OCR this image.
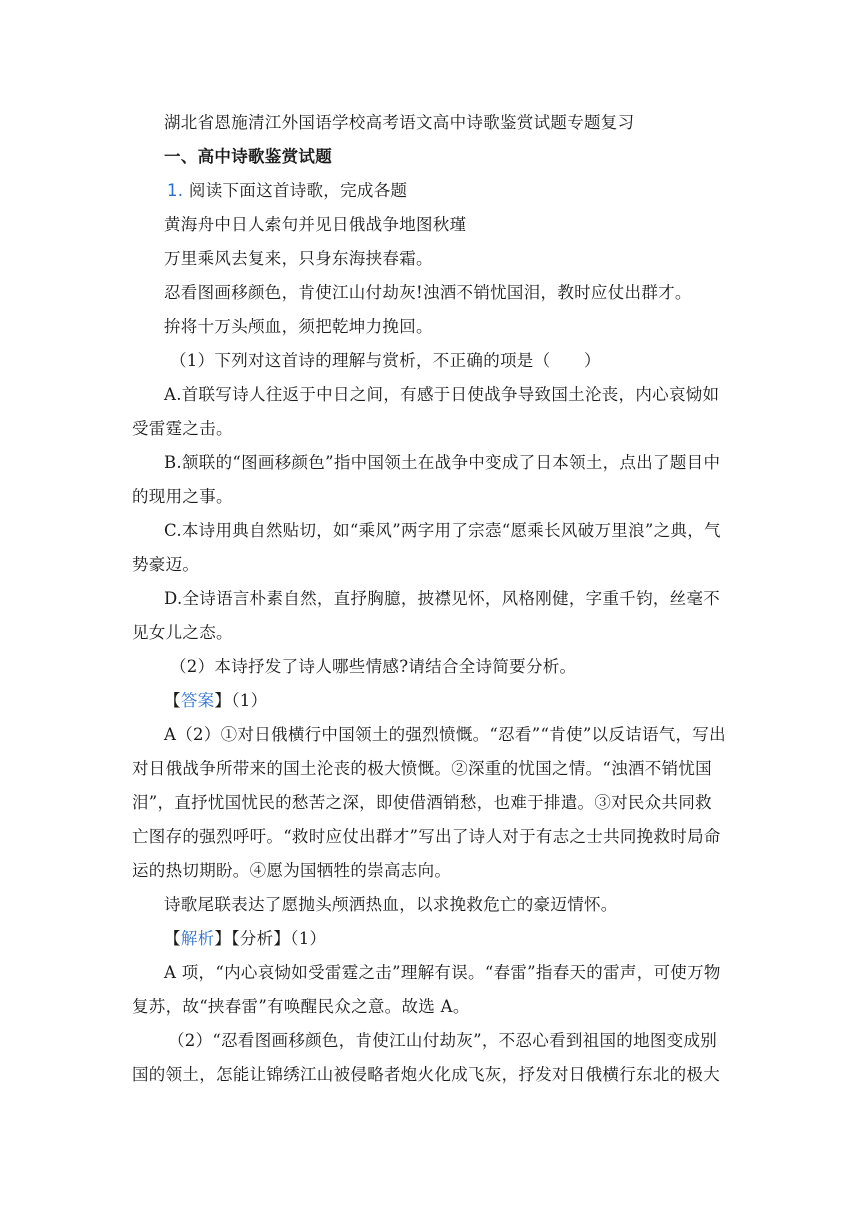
湖北省恩施清江外国语学校高考语文高中诗歌鉴赏试题专题复习
一、高中诗歌鉴赏试题
1. 阅读下面这首诗歌，完成各题
黄海舟中日人索句并见日俄战争地图秋瑾
万里乘风去复来，只身东海挟春霜。
忍看图画移颜色，肯使江山付劫灰!浊酒不销忧国泪，教时应仗出群才。
拚将十万头颅血，须把乾坤力挽回。
（1）下列对这首诗的理解与赏析，不正确的项是（　　）
A.首联写诗人往返于中日之间，有感于日使战争导致国土沦丧，内心哀恸如
受雷霆之击。
B.颔联的“图画移颜色”指中国领土在战争中变成了日本领土，点出了题目中
的现用之事。
C.本诗用典自然贴切，如“乘风”两字用了宗悫“愿乘长风破万里浪”之典，气
势豪迈。
D.全诗语言朴素自然，直抒胸臆，披襟见怀，风格刚健，字重千钧，丝毫不
见女儿之态。
（2）本诗抒发了诗人哪些情感?请结合全诗简要分析。
【答案】（1）
A（2）①对日俄横行中国领土的强烈愤慨。“忍看”“肯使”以反诘语气，写出
对日俄战争所带来的国土沦丧的极大愤慨。②深重的忧国之情。“浊酒不销忧国
泪”，直抒忧国忧民的愁苦之深，即使借酒销愁，也难于排遣。③对民众共同救
亡图存的强烈呼吁。“救时应仗出群才”写出了诗人对于有志之士共同挽救时局命
运的热切期盼。④愿为国牺牲的崇高志向。
诗歌尾联表达了愿抛头颅洒热血，以求挽救危亡的豪迈情怀。
【解析】【分析】（1）
A 项，“内心哀恸如受雷霆之击”理解有误。“春雷”指春天的雷声，可使万物
复苏，故“挟春雷”有唤醒民众之意。故选 A。
（2）“忍看图画移颜色，肯使江山付劫灰”，不忍心看到祖国的地图变成别
国的领土，怎能让锦绣江山被侵略者炮火化成飞灰，抒发对日俄横行东北的极大
